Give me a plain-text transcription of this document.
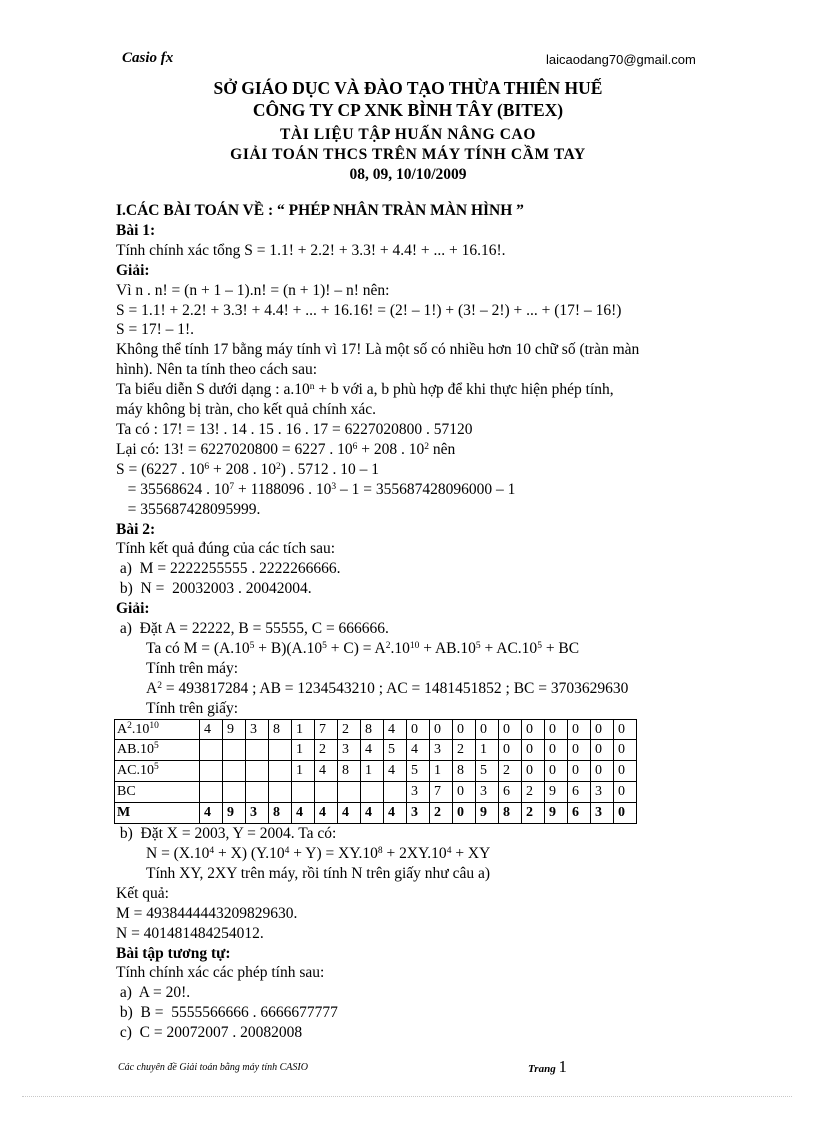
Casio fx	laicaodang70@gmail.com
SỞ GIÁO DỤC VÀ ĐÀO TẠO THỪA THIÊN HUẾ
CÔNG TY CP XNK BÌNH TÂY (BITEX)
TÀI LIỆU TẬP HUẤN NÂNG CAO
GIẢI TOÁN THCS TRÊN MÁY TÍNH CẦM TAY
08, 09, 10/10/2009
I.CÁC BÀI TOÁN VỀ : “ PHÉP NHÂN TRÀN MÀN HÌNH ”
Bài 1:
Tính chính xác tổng S = 1.1! + 2.2! + 3.3! + 4.4! + ... + 16.16!.
Giải:
Vì n . n! = (n + 1 – 1).n! = (n + 1)! – n! nên:
S = 1.1! + 2.2! + 3.3! + 4.4! + ... + 16.16! = (2! – 1!) + (3! – 2!) + ... + (17! – 16!)
S = 17! – 1!.
Không thể tính 17 bằng máy tính vì 17! Là một số có nhiều hơn 10 chữ số (tràn màn
hình). Nên ta tính theo cách sau:
Ta biểu diễn S dưới dạng : $a.10^n + b$ với a, b phù hợp để khi thực hiện phép tính,
máy không bị tràn, cho kết quả chính xác.
Ta có : 17! = 13! . 14 . 15 . 16 . 17 = 6227020800 . 57120
Lại có: 13! = 6227020800 = 6227 . $10^6 + 208$ . $10^2$ nên
S = (6227 . $10^6 + 208$ . $10^2$) . 5712 . 10 – 1
= 35568624 . $10^7 + 1188096$ . $10^3 - 1 = 355687428096000 - 1$
= 355687428095999.
Bài 2:
Tính kết quả đúng của các tích sau:
a)  M = 2222255555 . 2222266666.
b)  N =  20032003 . 20042004.
Giải:
a)  Đặt A = 22222, B = 55555, C = 666666.
Ta có $M = (A.10^5 + B)(A.10^5 + C) = A^2.10^{10} + AB.10^5 + AC.10^5$ + BC
Tính trên máy:
$A^2 = 493817284$ ; AB = 1234543210 ; AC = 1481451852 ; BC = 3703629630
Tính trên giấy:
$A^2.10^{10}$	4	9	3	8	1	7	2	8	4	0	0	0	0	0	0	0	0	0	0
$AB.10^5$					1	2	3	4	5	4	3	2	1	0	0	0	0	0	0
$AC.10^5$					1	4	8	1	4	5	1	8	5	2	0	0	0	0	0
BC										3	7	0	3	6	2	9	6	3	0
M	4	9	3	8	4	4	4	4	4	3	2	0	9	8	2	9	6	3	0
b)  Đặt X = 2003, Y = 2004. Ta có:
$N = (X.10^4 + X) (Y.10^4 + Y) = XY.10^8 + 2XY.10^4$ + XY
Tính XY, 2XY trên máy, rồi tính N trên giấy như câu a)
Kết quả:
M = 4938444443209829630.
N = 401481484254012.
Bài tập tương tự:
Tính chính xác các phép tính sau:
a)  A = 20!.
b)  B =  5555566666 . 6666677777
c)  C = 20072007 . 20082008
Các chuyên đề Giải toán bằng máy tính CASIO	Trang 1
